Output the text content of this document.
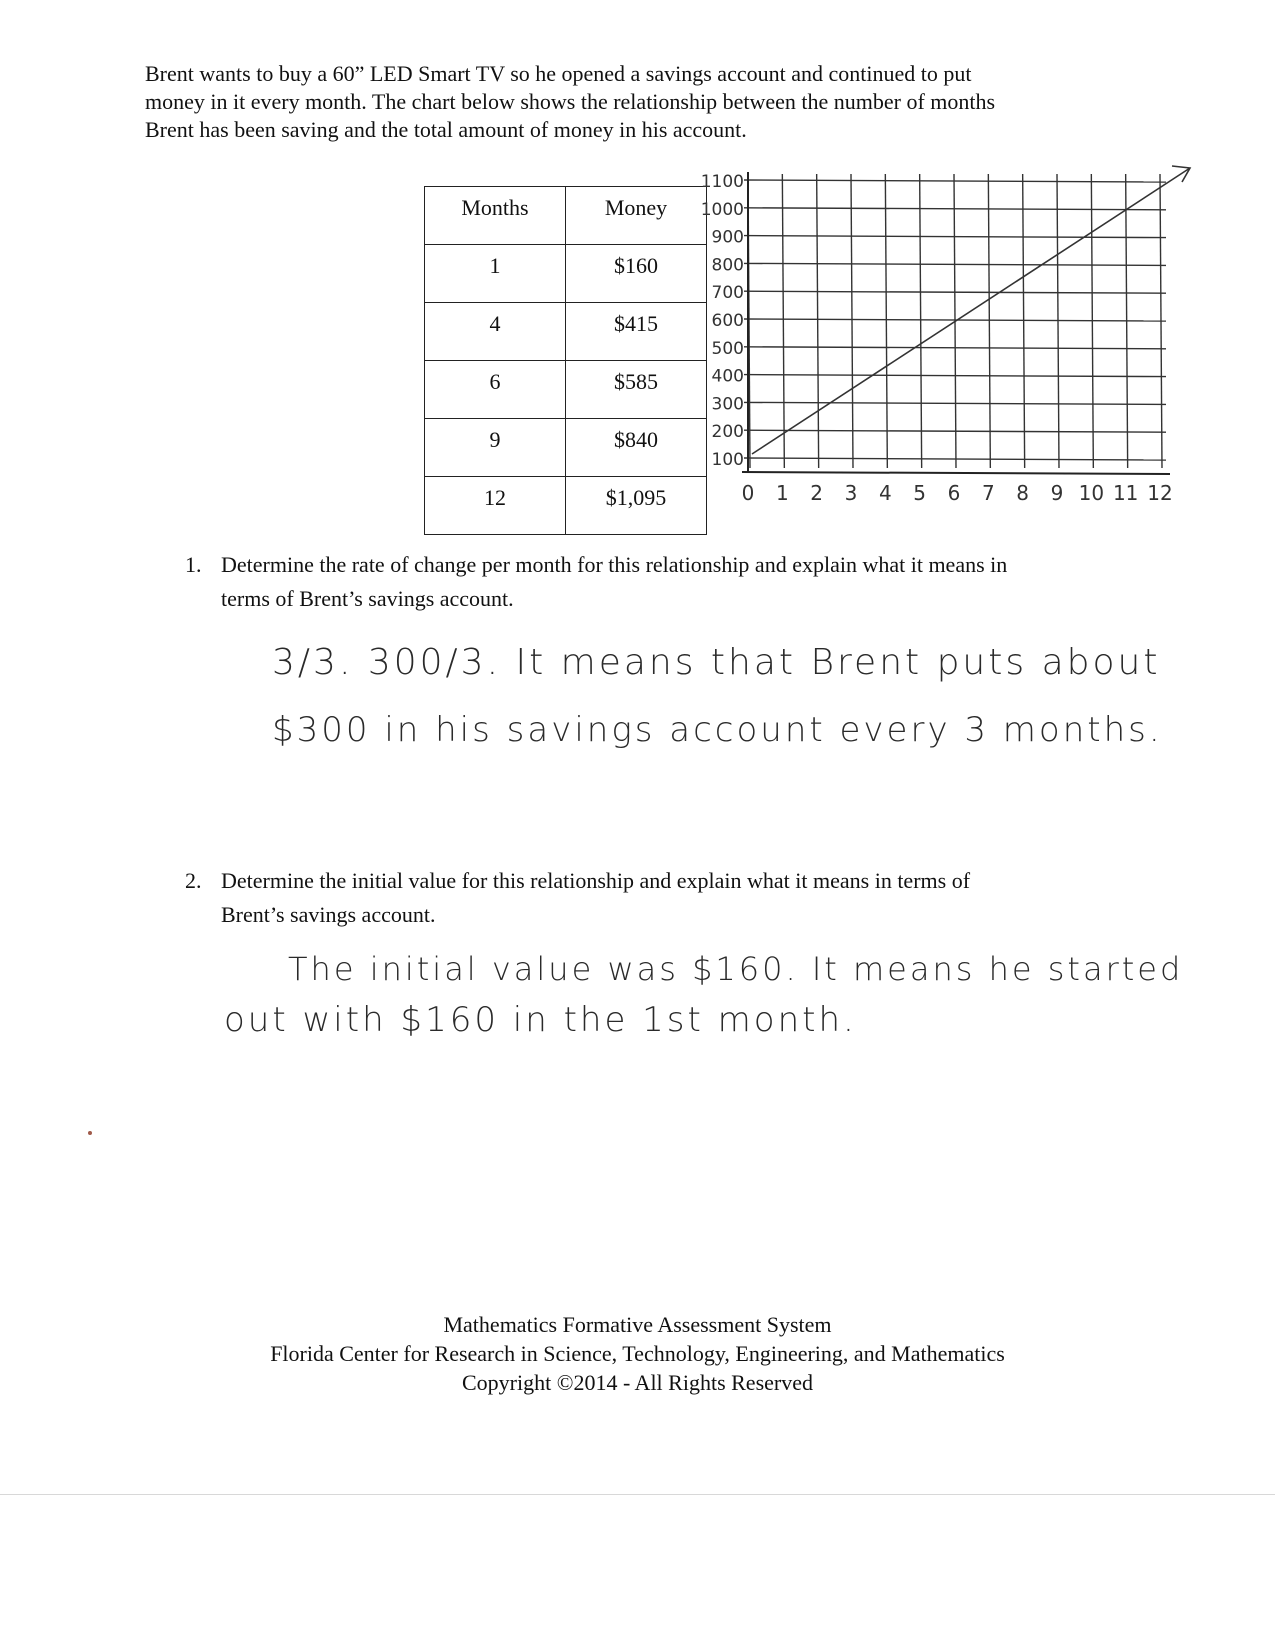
Brent wants to buy a 60” LED Smart TV so he opened a savings account and continued to put
money in it every month. The chart below shows the relationship between the number of months
Brent has been saving and the total amount of money in his account.
Months	Money
1	$160
4	$415
6	$585
9	$840
12	$1,095
100
200
300
400
500
600
700
800
900
1000
1100
0 1 2 3 4 5 6 7 8 9 10 11 12
1. Determine the rate of change per month for this relationship and explain what it means in
terms of Brent’s savings account.
3/3. 300/3. It means that Brent puts about
$300 in his savings account every 3 months.
2. Determine the initial value for this relationship and explain what it means in terms of
Brent’s savings account.
The initial value was $160. It means he started
out with $160 in the 1st month.
Mathematics Formative Assessment System
Florida Center for Research in Science, Technology, Engineering, and Mathematics
Copyright ©2014 - All Rights Reserved
